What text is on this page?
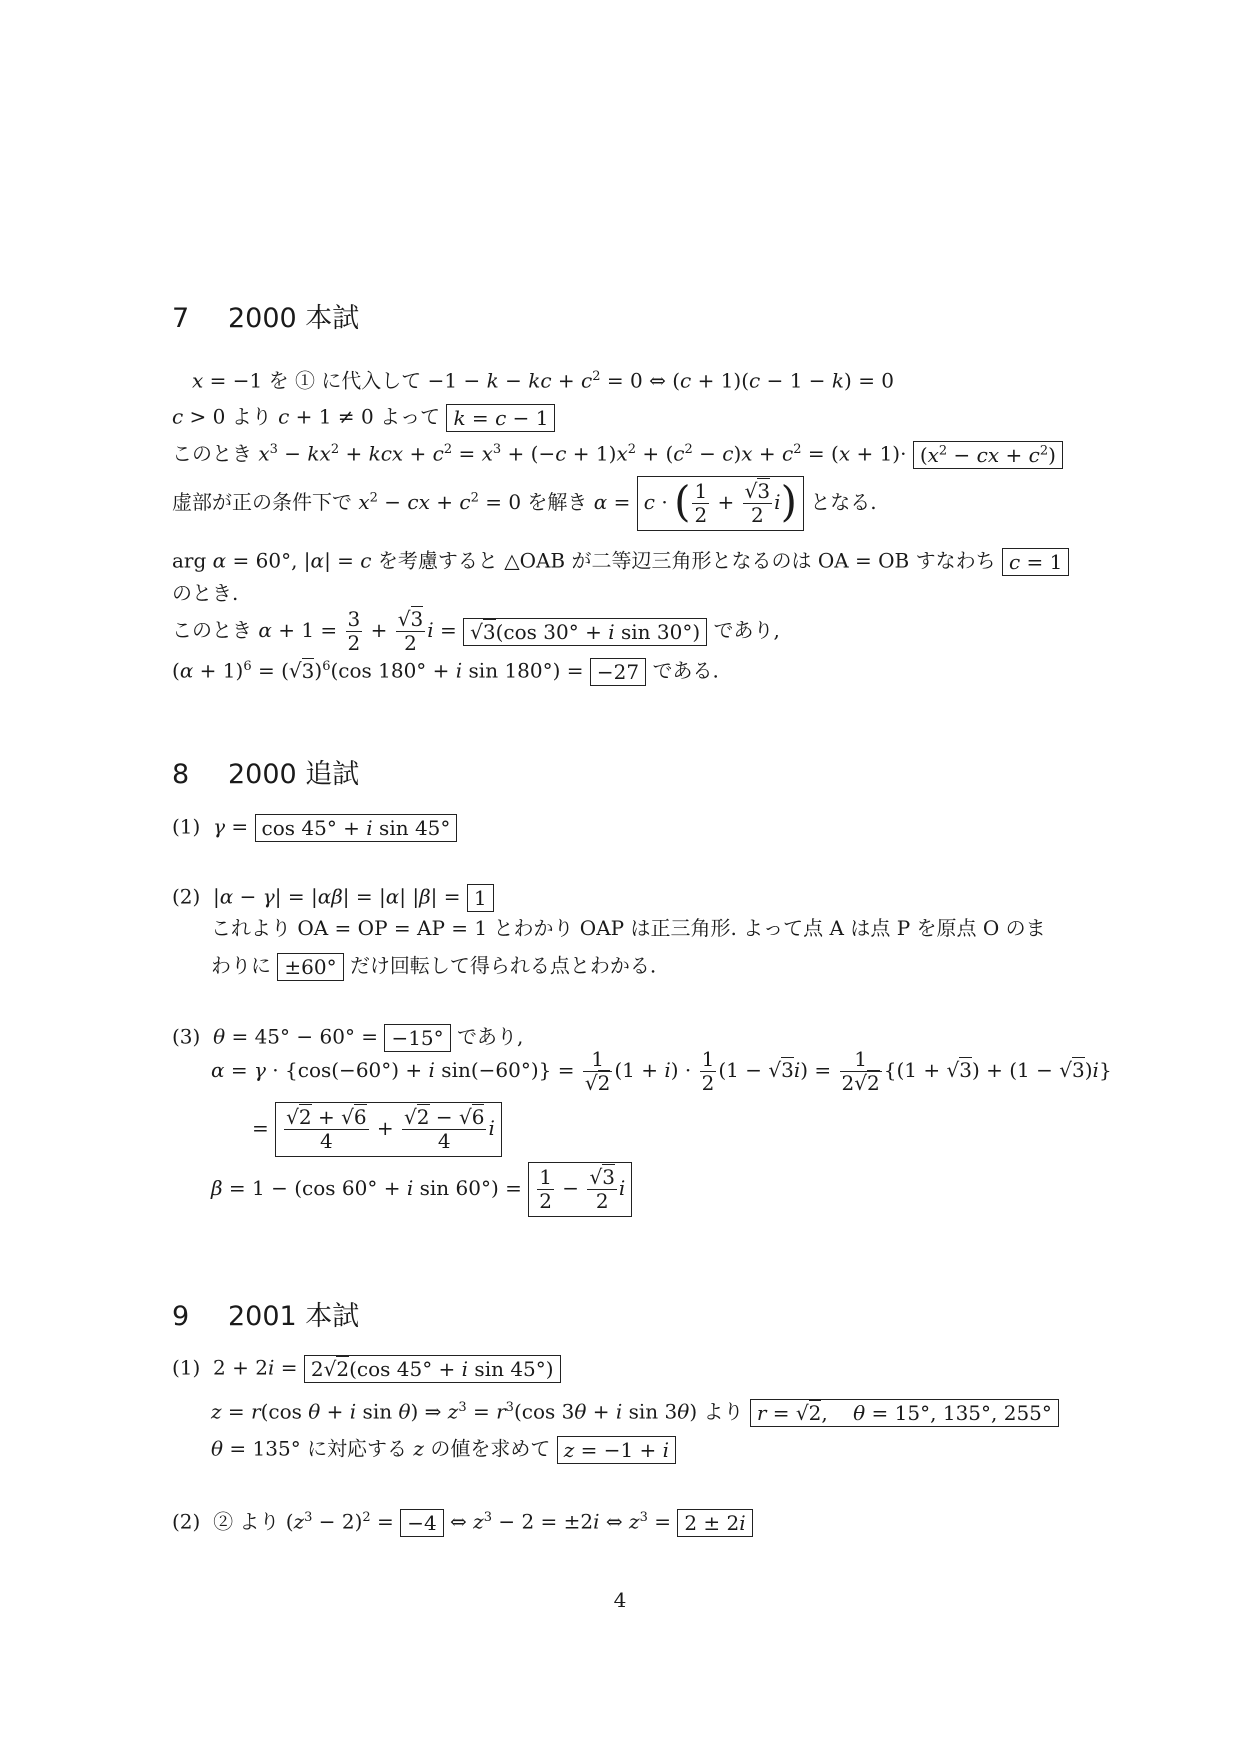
7 2000 本試
x = −1 を ① に代入して −1 − k − kc + $c^2 = 0$ ⇔ (c + 1)(c − 1 − k) = 0
c > 0 より c + 1 ≠ 0 よって k = c − 1
このとき $x^3 - kx^2$ + kcx + $c^2 = x^3 + (-c + 1)x^2 + (c^2 - c)x + c^2 = (x + 1)\cdot (x^2$ − cx + $c^2$)
虚部が正の条件下で $x^2$ − cx + $c^2 = 0$ を解き α = c · ( $\frac{1}{2} + \frac{√3}{2} i$) となる.
arg α = 60°, |α| = c を考慮すると △OAB が二等辺三角形となるのは OA = OB すなわち c = 1
のとき.
このとき $\alpha + 1 = \frac{3}{2} + \frac{√3}{2}$ i = √3(cos 30° + i sin 30°) であり,
$(\alpha + 1)^6 = (√3)^6(\cos$ 180° + i sin 180°) = −27 である.
8 2000 追試
(1) γ = cos 45° + i sin 45°
(2)  |α − γ| = |αβ| = |α| |β| = 1
これより OA = OP = AP = 1 とわかり OAP は正三角形. よって点 A は点 P を原点 O のま
わりに ±60° だけ回転して得られる点とわかる.
(3) θ = 45° − 60° = −15° であり,
α = γ · {cos(−60°) + i $\sin(-60^\circ)\} = \frac{1}{√2} (1 + i) \cdot \frac{1}{2} (1 - √3i) = \frac{1}{2√2} \{(1 + √3) + (1 - √3)i\}$
= $\frac{√2 + √6}{4} + \frac{√2 - √6}{4}$ i
β = 1 − (cos 60° + i $\sin 60^\circ) = \frac{1}{2} - \frac{√3}{2}$ i
9 2001 本試
(1)  2 + 2i = 2√2(cos 45° + i sin 45°)
z = r(cos θ + i sin θ) ⇒ $z^3 = r^3(\cos$ 3θ + i sin 3θ) より r = √2,    θ = 15°, 135°, 255°
θ = 135° に対応する z の値を求めて z = −1 + i
(2) ② より $(z^3 - 2)^2 = -4$ ⇔ $z^3 - 2 = \pm 2i$ ⇔ $z^3 = 2 \pm 2i$
4
